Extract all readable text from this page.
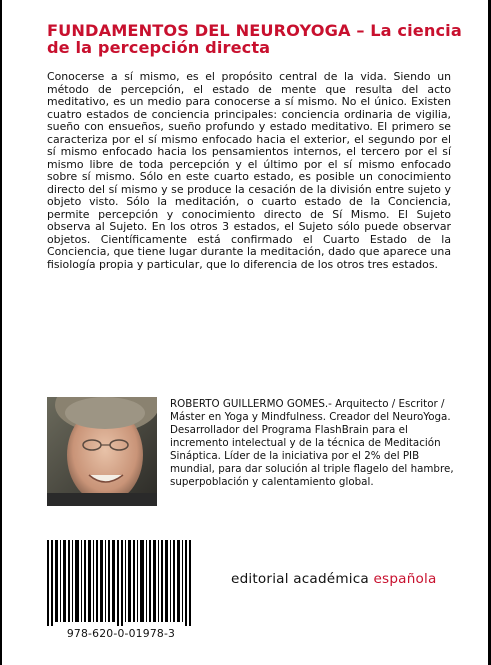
FUNDAMENTOS DEL NEUROYOGA – La ciencia de la percepción directa
Conocerse a sí mismo, es el propósito central de la vida. Siendo un método de percepción, el estado de mente que resulta del acto meditativo, es un medio para conocerse a sí mismo. No el único. Existen cuatro estados de conciencia principales: conciencia ordinaria de vigilia, sueño con ensueños, sueño profundo y estado meditativo. El primero se caracteriza por el sí mismo enfocado hacia el exterior, el segundo por el sí mismo enfocado hacia los pensamientos internos, el tercero por el sí mismo libre de toda percepción y el último por el sí mismo enfocado sobre sí mismo. Sólo en este cuarto estado, es posible un conocimiento directo del sí mismo y se produce la cesación de la división entre sujeto y objeto visto. Sólo la meditación, o cuarto estado de la Conciencia, permite percepción y conocimiento directo de Sí Mismo. El Sujeto observa al Sujeto. En los otros 3 estados, el Sujeto sólo puede observar objetos. Científicamente está confirmado el Cuarto Estado de la Conciencia, que tiene lugar durante la meditación, dado que aparece una fisiología propia y particular, que lo diferencia de los otros tres estados.
ROBERTO GUILLERMO GOMES.- Arquitecto / Escritor / Máster en Yoga y Mindfulness. Creador del NeuroYoga. Desarrollador del Programa FlashBrain para el incremento intelectual y de la técnica de Meditación Sináptica. Líder de la iniciativa por el 2% del PIB mundial, para dar solución al triple flagelo del hambre, superpoblación y calentamiento global.
978-620-0-01978-3
editorial académica española
